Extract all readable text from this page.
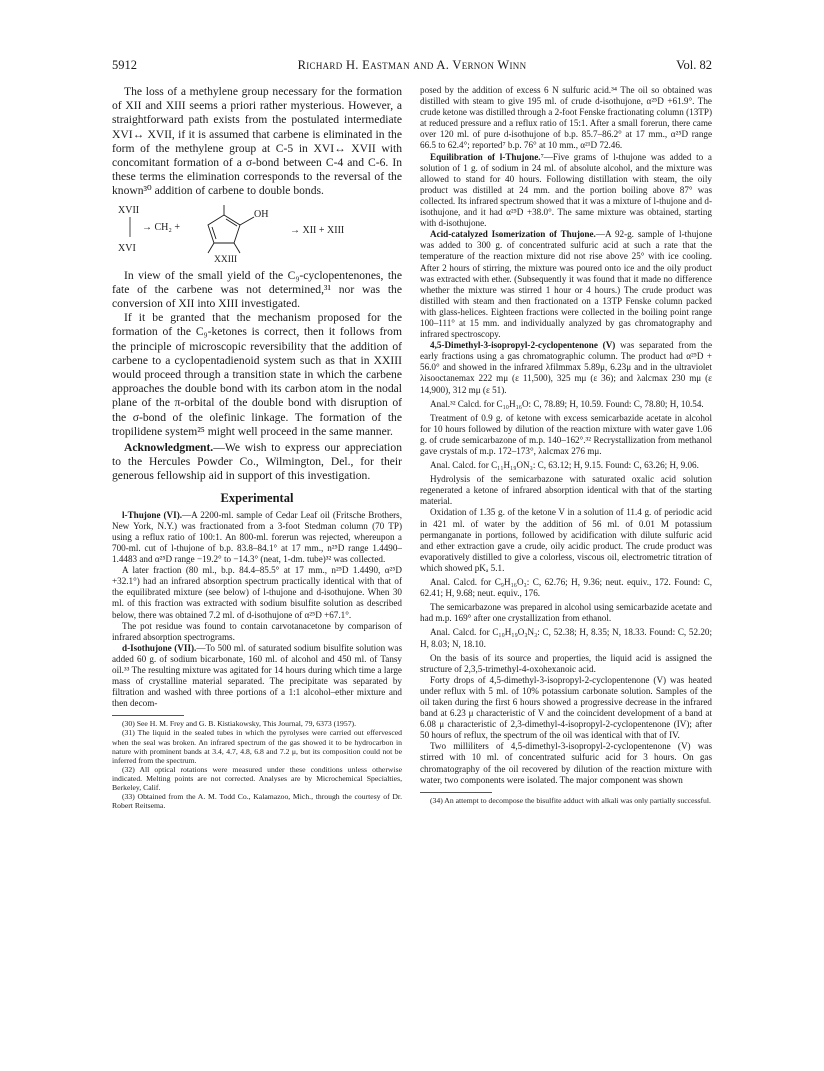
5912	Richard H. Eastman and A. Vernon Winn	Vol. 82

The loss of a methylene group necessary for the formation of XII and XIII seems a priori rather mysterious. However, a straightforward path exists from the postulated intermediate XVI↔ XVII, if it is assumed that carbene is eliminated in the form of the methylene group at C-5 in XVI↔ XVII with concomitant formation of a σ-bond between C-4 and C-6. In these terms the elimination corresponds to the reversal of the known³⁰ addition of carbene to double bonds.

XVII
XVI
→ CH₂ +
OH
XXIII
→ XII + XIII

In view of the small yield of the C₉-cyclopentenones, the fate of the carbene was not determined,³¹ nor was the conversion of XII into XIII investigated.

If it be granted that the mechanism proposed for the formation of the C₉-ketones is correct, then it follows from the principle of microscopic reversibility that the addition of carbene to a cyclopentadienoid system such as that in XXIII would proceed through a transition state in which the carbene approaches the double bond with its carbon atom in the nodal plane of the π-orbital of the double bond with disruption of the σ-bond of the olefinic linkage. The formation of the tropilidene system²⁵ might well proceed in the same manner.

Acknowledgment.—We wish to express our appreciation to the Hercules Powder Co., Wilmington, Del., for their generous fellowship aid in support of this investigation.

Experimental

l-Thujone (VI).—A 2200-ml. sample of Cedar Leaf oil (Fritsche Brothers, New York, N.Y.) was fractionated from a 3-foot Stedman column (70 TP) using a reflux ratio of 100:1. An 800-ml. forerun was rejected, whereupon a 700-ml. cut of l-thujone of b.p. 83.8–84.1° at 17 mm., n²⁵D range 1.4490–1.4483 and α²⁵D range −19.2° to −14.3° (neat, 1-dm. tube)³² was collected.

A later fraction (80 ml., b.p. 84.4–85.5° at 17 mm., n²⁵D 1.4490, α²⁵D +32.1°) had an infrared absorption spectrum practically identical with that of the equilibrated mixture (see below) of l-thujone and d-isothujone. When 30 ml. of this fraction was extracted with sodium bisulfite solution as described below, there was obtained 7.2 ml. of d-isothujone of α²⁵D +67.1°.

The pot residue was found to contain carvotanacetone by comparison of infrared absorption spectrograms.

d-Isothujone (VII).—To 500 ml. of saturated sodium bisulfite solution was added 60 g. of sodium bicarbonate, 160 ml. of alcohol and 450 ml. of Tansy oil.³³ The resulting mixture was agitated for 14 hours during which time a large mass of crystalline material separated. The precipitate was separated by filtration and washed with three portions of a 1:1 alcohol–ether mixture and then decom-

(30) See H. M. Frey and G. B. Kistiakowsky, This Journal, 79, 6373 (1957).

(31) The liquid in the sealed tubes in which the pyrolyses were carried out effervesced when the seal was broken. An infrared spectrum of the gas showed it to be hydrocarbon in nature with prominent bands at 3.4, 4.7, 4.8, 6.8 and 7.2 μ, but its composition could not be inferred from the spectrum.

(32) All optical rotations were measured under these conditions unless otherwise indicated. Melting points are not corrected. Analyses are by Microchemical Specialties, Berkeley, Calif.

(33) Obtained from the A. M. Todd Co., Kalamazoo, Mich., through the courtesy of Dr. Robert Reitsema.

posed by the addition of excess 6 N sulfuric acid.³⁴ The oil so obtained was distilled with steam to give 195 ml. of crude d-isothujone, α²⁵D +61.9°. The crude ketone was distilled through a 2-foot Fenske fractionating column (13TP) at reduced pressure and a reflux ratio of 15:1. After a small forerun, there came over 120 ml. of pure d-isothujone of b.p. 85.7–86.2° at 17 mm., α²⁵D range 66.5 to 62.4°; reported⁷ b.p. 76° at 10 mm., α²¹D 72.46.

Equilibration of l-Thujone.⁷—Five grams of l-thujone was added to a solution of 1 g. of sodium in 24 ml. of absolute alcohol, and the mixture was allowed to stand for 40 hours. Following distillation with steam, the oily product was distilled at 24 mm. and the portion boiling above 87° was collected. Its infrared spectrum showed that it was a mixture of l-thujone and d-isothujone, and it had α²⁵D +38.0°. The same mixture was obtained, starting with d-isothujone.

Acid-catalyzed Isomerization of Thujone.—A 92-g. sample of l-thujone was added to 300 g. of concentrated sulfuric acid at such a rate that the temperature of the reaction mixture did not rise above 25° with ice cooling. After 2 hours of stirring, the mixture was poured onto ice and the oily product was extracted with ether. (Subsequently it was found that it made no difference whether the mixture was stirred 1 hour or 4 hours.) The crude product was distilled with steam and then fractionated on a 13TP Fenske column packed with glass-helices. Eighteen fractions were collected in the boiling point range 100–111° at 15 mm. and individually analyzed by gas chromatography and infrared spectroscopy.

4,5-Dimethyl-3-isopropyl-2-cyclopentenone (V) was separated from the early fractions using a gas chromatographic column. The product had α²⁵D + 56.0° and showed in the infrared λfilmmax 5.89μ, 6.23μ and in the ultraviolet λisooctanemax 222 mμ (ε 11,500), 325 mμ (ε 36); and λalcmax 230 mμ (ε 14,900), 312 mμ (ε 51).

Anal.³² Calcd. for C₁₀H₁₆O: C, 78.89; H, 10.59. Found: C, 78.80; H, 10.54.

Treatment of 0.9 g. of ketone with excess semicarbazide acetate in alcohol for 10 hours followed by dilution of the reaction mixture with water gave 1.06 g. of crude semicarbazone of m.p. 140–162°.³² Recrystallization from methanol gave crystals of m.p. 172–173°, λalcmax 276 mμ.

Anal. Calcd. for C₁₁H₁₉ON₃: C, 63.12; H, 9.15. Found: C, 63.26; H, 9.06.

Hydrolysis of the semicarbazone with saturated oxalic acid solution regenerated a ketone of infrared absorption identical with that of the starting material.

Oxidation of 1.35 g. of the ketone V in a solution of 11.4 g. of periodic acid in 421 ml. of water by the addition of 56 ml. of 0.01 M potassium permanganate in portions, followed by acidification with dilute sulfuric acid and ether extraction gave a crude, oily acidic product. The crude product was evaporatively distilled to give a colorless, viscous oil, electrometric titration of which showed pKₐ 5.1.

Anal. Calcd. for C₉H₁₆O₃: C, 62.76; H, 9.36; neut. equiv., 172. Found: C, 62.41; H, 9.68; neut. equiv., 176.

The semicarbazone was prepared in alcohol using semicarbazide acetate and had m.p. 169° after one crystallization from ethanol.

Anal. Calcd. for C₁₀H₁₉O₃N₃: C, 52.38; H, 8.35; N, 18.33. Found: C, 52.20; H, 8.03; N, 18.10.

On the basis of its source and properties, the liquid acid is assigned the structure of 2,3,5-trimethyl-4-oxohexanoic acid.

Forty drops of 4,5-dimethyl-3-isopropyl-2-cyclopentenone (V) was heated under reflux with 5 ml. of 10% potassium carbonate solution. Samples of the oil taken during the first 6 hours showed a progressive decrease in the infrared band at 6.23 μ characteristic of V and the coincident development of a band at 6.08 μ characteristic of 2,3-dimethyl-4-isopropyl-2-cyclopentenone (IV); after 50 hours of reflux, the spectrum of the oil was identical with that of IV.

Two milliliters of 4,5-dimethyl-3-isopropyl-2-cyclopentenone (V) was stirred with 10 ml. of concentrated sulfuric acid for 3 hours. On gas chromatography of the oil recovered by dilution of the reaction mixture with water, two components were isolated. The major component was shown

(34) An attempt to decompose the bisulfite adduct with alkali was only partially successful.
